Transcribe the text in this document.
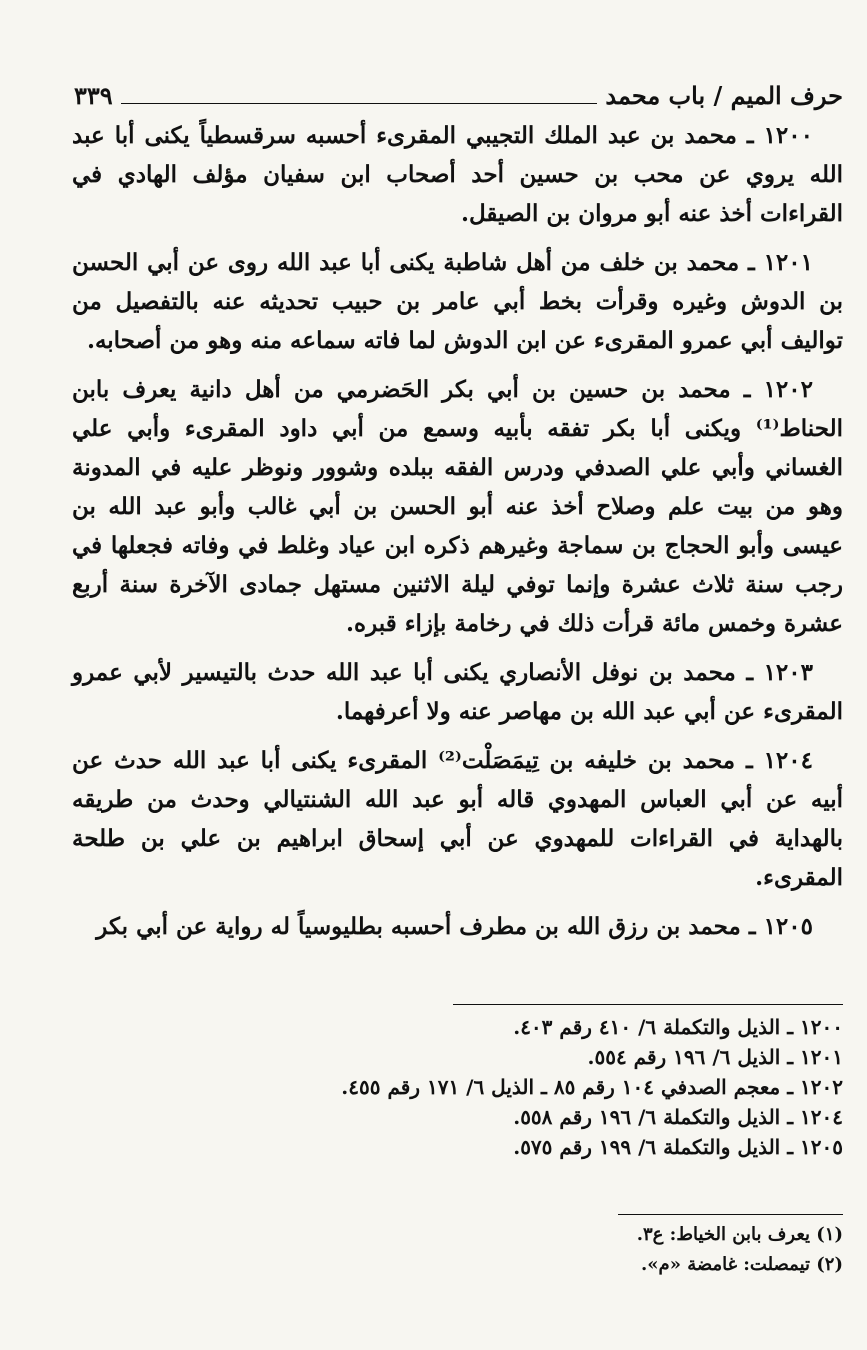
حرف الميم / باب محمد
٣٣٩

١٢٠٠ ـ محمد بن عبد الملك التجيبي المقرىء أحسبه سرقسطياً يكنى أبا عبد الله يروي عن محب بن حسين أحد أصحاب ابن سفيان مؤلف الهادي في القراءات أخذ عنه أبو مروان بن الصيقل.

١٢٠١ ـ محمد بن خلف من أهل شاطبة يكنى أبا عبد الله روى عن أبي الحسن بن الدوش وغيره وقرأت بخط أبي عامر بن حبيب تحديثه عنه بالتفصيل من تواليف أبي عمرو المقرىء عن ابن الدوش لما فاته سماعه منه وهو من أصحابه.

١٢٠٢ ـ محمد بن حسين بن أبي بكر الحَضرمي من أهل دانية يعرف بابن الحناط⁽¹⁾ ويكنى أبا بكر تفقه بأبيه وسمع من أبي داود المقرىء وأبي علي الغساني وأبي علي الصدفي ودرس الفقه ببلده وشوور ونوظر عليه في المدونة وهو من بيت علم وصلاح أخذ عنه أبو الحسن بن أبي غالب وأبو عبد الله بن عيسى وأبو الحجاج بن سماجة وغيرهم ذكره ابن عياد وغلط في وفاته فجعلها في رجب سنة ثلاث عشرة وإنما توفي ليلة الاثنين مستهل جمادى الآخرة سنة أربع عشرة وخمس مائة قرأت ذلك في رخامة بإزاء قبره.

١٢٠٣ ـ محمد بن نوفل الأنصاري يكنى أبا عبد الله حدث بالتيسير لأبي عمرو المقرىء عن أبي عبد الله بن مهاصر عنه ولا أعرفهما.

١٢٠٤ ـ محمد بن خليفه بن تِيمَصَلْت⁽²⁾ المقرىء يكنى أبا عبد الله حدث عن أبيه عن أبي العباس المهدوي قاله أبو عبد الله الشنتيالي وحدث من طريقه بالهداية في القراءات للمهدوي عن أبي إسحاق ابراهيم بن علي بن طلحة المقرىء.

١٢٠٥ ـ محمد بن رزق الله بن مطرف أحسبه بطليوسياً له رواية عن أبي بكر

١٢٠٠ ـ الذيل والتكملة ٦/ ٤١٠ رقم ٤٠٣.
١٢٠١ ـ الذيل ٦/ ١٩٦ رقم ٥٥٤.
١٢٠٢ ـ معجم الصدفي ١٠٤ رقم ٨٥ ـ الذيل ٦/ ١٧١ رقم ٤٥٥.
١٢٠٤ ـ الذيل والتكملة ٦/ ١٩٦ رقم ٥٥٨.
١٢٠٥ ـ الذيل والتكملة ٦/ ١٩٩ رقم ٥٧٥.
(١) يعرف بابن الخياط: ع٣.
(٢) تيمصلت: غامضة «م».
